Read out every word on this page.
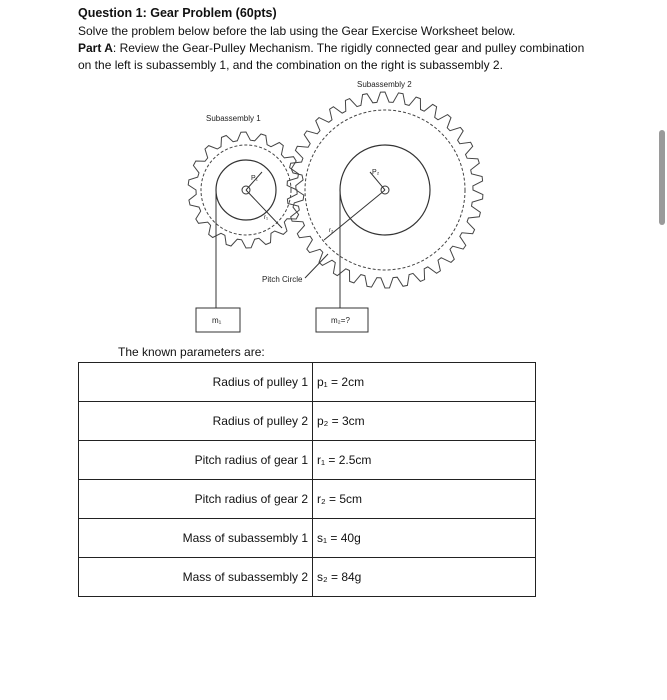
Question 1: Gear Problem (60pts)
Solve the problem below before the lab using the Gear Exercise Worksheet below.
Part A: Review the Gear-Pulley Mechanism. The rigidly connected gear and pulley combination
on the left is subassembly 1, and the combination on the right is subassembly 2.
Subassembly 2
Subassembly 1
P₁
P₂
r₁
r₂
Pitch Circle
m₁	m₂=?
The known parameters are:
Radius of pulley 1	p₁ = 2cm
Radius of pulley 2	p₂ = 3cm
Pitch radius of gear 1	r₁ = 2.5cm
Pitch radius of gear 2	r₂ = 5cm
Mass of subassembly 1	s₁ = 40g
Mass of subassembly 2	s₂ = 84g
